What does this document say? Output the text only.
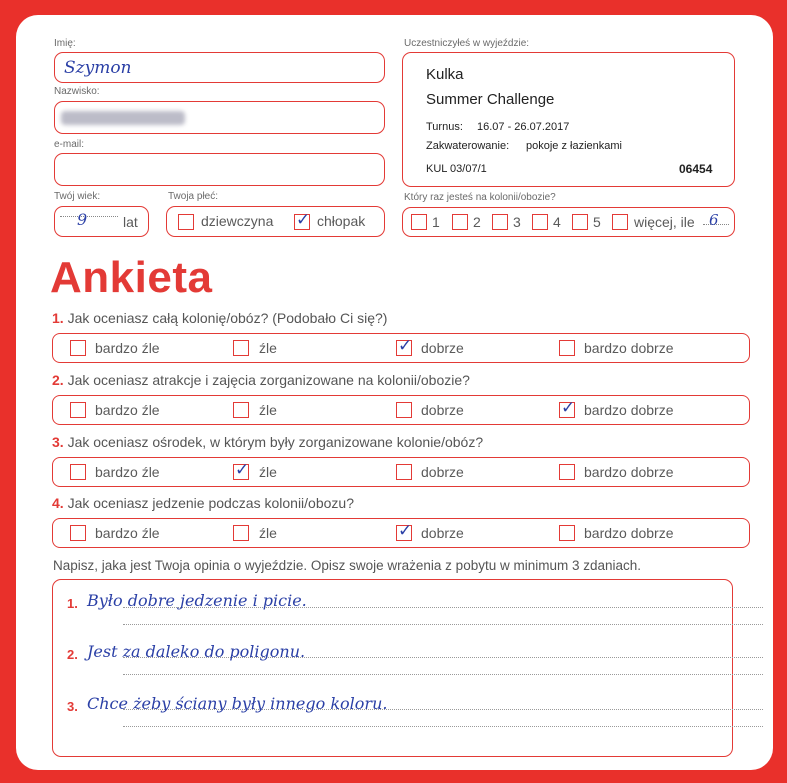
Imię:
Szymon
Nazwisko:
e-mail:
Twój wiek:
9	lat
Twoja płeć:
dziewczyna ✓ chłopak
Uczestniczyłeś w wyjeździe:
Kulka
Summer Challenge
Turnus: 16.07 - 26.07.2017
Zakwaterowanie: pokoje z łazienkami
KUL 03/07/1	06454
Który raz jesteś na kolonii/obozie?
1 2 3 4 5 więcej, ile 6
Ankieta
1. Jak oceniasz całą kolonię/obóz? (Podobało Ci się?)
bardzo źle	źle	✓ dobrze	bardzo dobrze
2. Jak oceniasz atrakcje i zajęcia zorganizowane na kolonii/obozie?
bardzo źle	źle	dobrze	✓ bardzo dobrze
3. Jak oceniasz ośrodek, w którym były zorganizowane kolonie/obóz?
bardzo źle	✓ źle	dobrze	bardzo dobrze
4. Jak oceniasz jedzenie podczas kolonii/obozu?
bardzo źle	źle	✓ dobrze	bardzo dobrze
Napisz, jaka jest Twoja opinia o wyjeździe. Opisz swoje wrażenia z pobytu w minimum 3 zdaniach.
1. Było dobre jedzenie i picie.
2. Jest za daleko do poligonu.
3. Chce żeby ściany były innego koloru.
